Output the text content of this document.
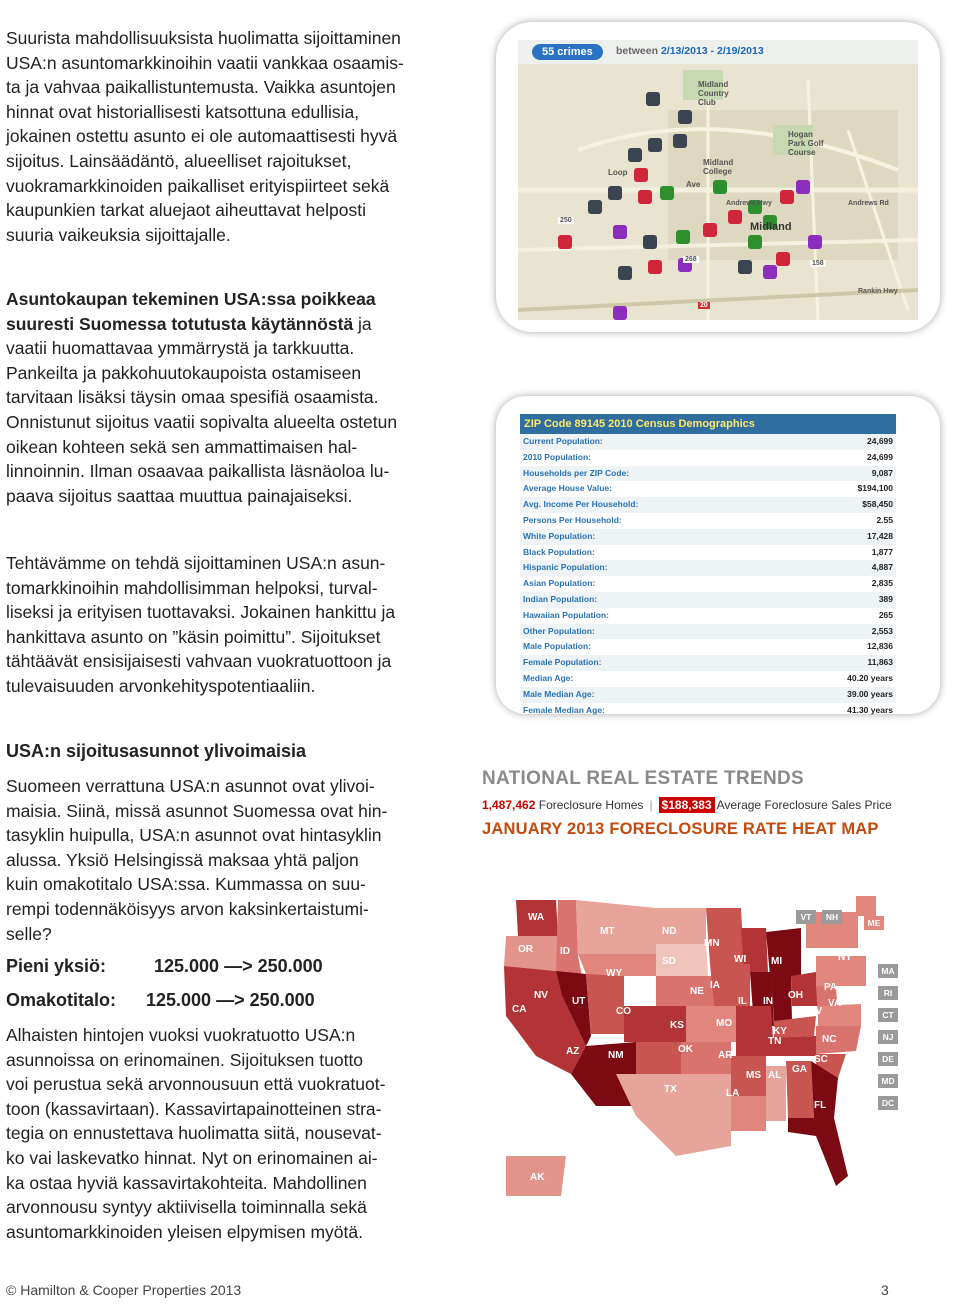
Suurista mahdollisuuksista huolimatta sijoittaminen
USA:n asuntomarkkinoihin vaatii vankkaa osaamis-
ta ja vahvaa paikallistuntemusta. Vaikka asuntojen
hinnat ovat historiallisesti katsottuna edullisia,
jokainen ostettu asunto ei ole automaattisesti hyvä
sijoitus. Lainsäädäntö, alueelliset rajoitukset,
vuokramarkkinoiden paikalliset erityispiirteet sekä
kaupunkien tarkat aluejaot aiheuttavat helposti
suuria vaikeuksia sijoittajalle.
Asuntokaupan tekeminen USA:ssa poikkeaa
suuresti Suomessa totutusta käytännöstä ja
vaatii huomattavaa ymmärrystä ja tarkkuutta.
Pankeilta ja pakkohuutokaupoista ostamiseen
tarvitaan lisäksi täysin omaa spesifiä osaamista.
Onnistunut sijoitus vaatii sopivalta alueelta ostetun
oikean kohteen sekä sen ammattimaisen hal-
linnoinnin. Ilman osaavaa paikallista läsnäoloa lu-
paava sijoitus saattaa muuttua painajaiseksi.
Tehtävämme on tehdä sijoittaminen USA:n asun-
tomarkkinoihin mahdollisimman helpoksi, turval-
liseksi ja erityisen tuottavaksi. Jokainen hankittu ja
hankittava asunto on ”käsin poimittu”. Sijoitukset
tähtäävät ensisijaisesti vahvaan vuokratuottoon ja
tulevaisuuden arvonkehityspotentiaaliin.
USA:n sijoitusasunnot ylivoimaisia
Suomeen verrattuna USA:n asunnot ovat ylivoi-
maisia. Siinä, missä asunnot Suomessa ovat hin-
tasyklin huipulla, USA:n asunnot ovat hintasyklin
alussa. Yksiö Helsingissä maksaa yhtä paljon
kuin omakotitalo USA:ssa. Kummassa on suu-
rempi todennäköisyys arvon kaksinkertaistumi-
selle?
Pieni yksiö:	125.000 —> 250.000
Omakotitalo: 125.000 —> 250.000
Alhaisten hintojen vuoksi vuokratuotto USA:n
asunnoissa on erinomainen. Sijoituksen tuotto
voi perustua sekä arvonnousuun että vuokratuot-
toon (kassavirtaan). Kassavirtapainotteinen stra-
tegia on ennustettava huolimatta siitä, nousevat-
ko vai laskevatko hinnat. Nyt on erinomainen ai-
ka ostaa hyviä kassavirtakohteita. Mahdollinen
arvonnousu syntyy aktiivisella toiminnalla sekä
asuntomarkkinoiden yleisen elpymisen myötä.
55 crimes	between 2/13/2013 - 2/19/2013
Midland Country Club
Midland College
Hogan Park Golf Course
Midland
Loop
Ave
Andrews Hwy
250
20
268
158
Rankin Hwy
Andrews Rd
ZIP Code 89145 2010 Census Demographics
Current Population:	24,699
2010 Population:	24,699
Households per ZIP Code:	9,087
Average House Value:	$194,100
Avg. Income Per Household:	$58,450
Persons Per Household:	2.55
White Population:	17,428
Black Population:	1,877
Hispanic Population:	4,887
Asian Population:	2,835
Indian Population:	389
Hawaiian Population:	265
Other Population:	2,553
Male Population:	12,836
Female Population:	11,863
Median Age:	40.20 years
Male Median Age:	39.00 years
Female Median Age:	41.30 years
NATIONAL REAL ESTATE TRENDS
1,487,462 Foreclosure Homes | $188,383 Average Foreclosure Sales Price
JANUARY 2013 FORECLOSURE RATE HEAT MAP
WA
OR	ID
MT	ND
SD
MN
WI MI	NY
CA
NV
UT
WY
NE
IA
IL IN
OH
PA
CO
KS	MO
KY
WV
VA
TN	NC
SC
AZ	NM
OK
AR
TX	LA
MS AL
GA
FL
AK
VT	NH
MA
RI
CT
NJ
DE
MD
DC
ME
© Hamilton & Cooper Properties 2013	3
